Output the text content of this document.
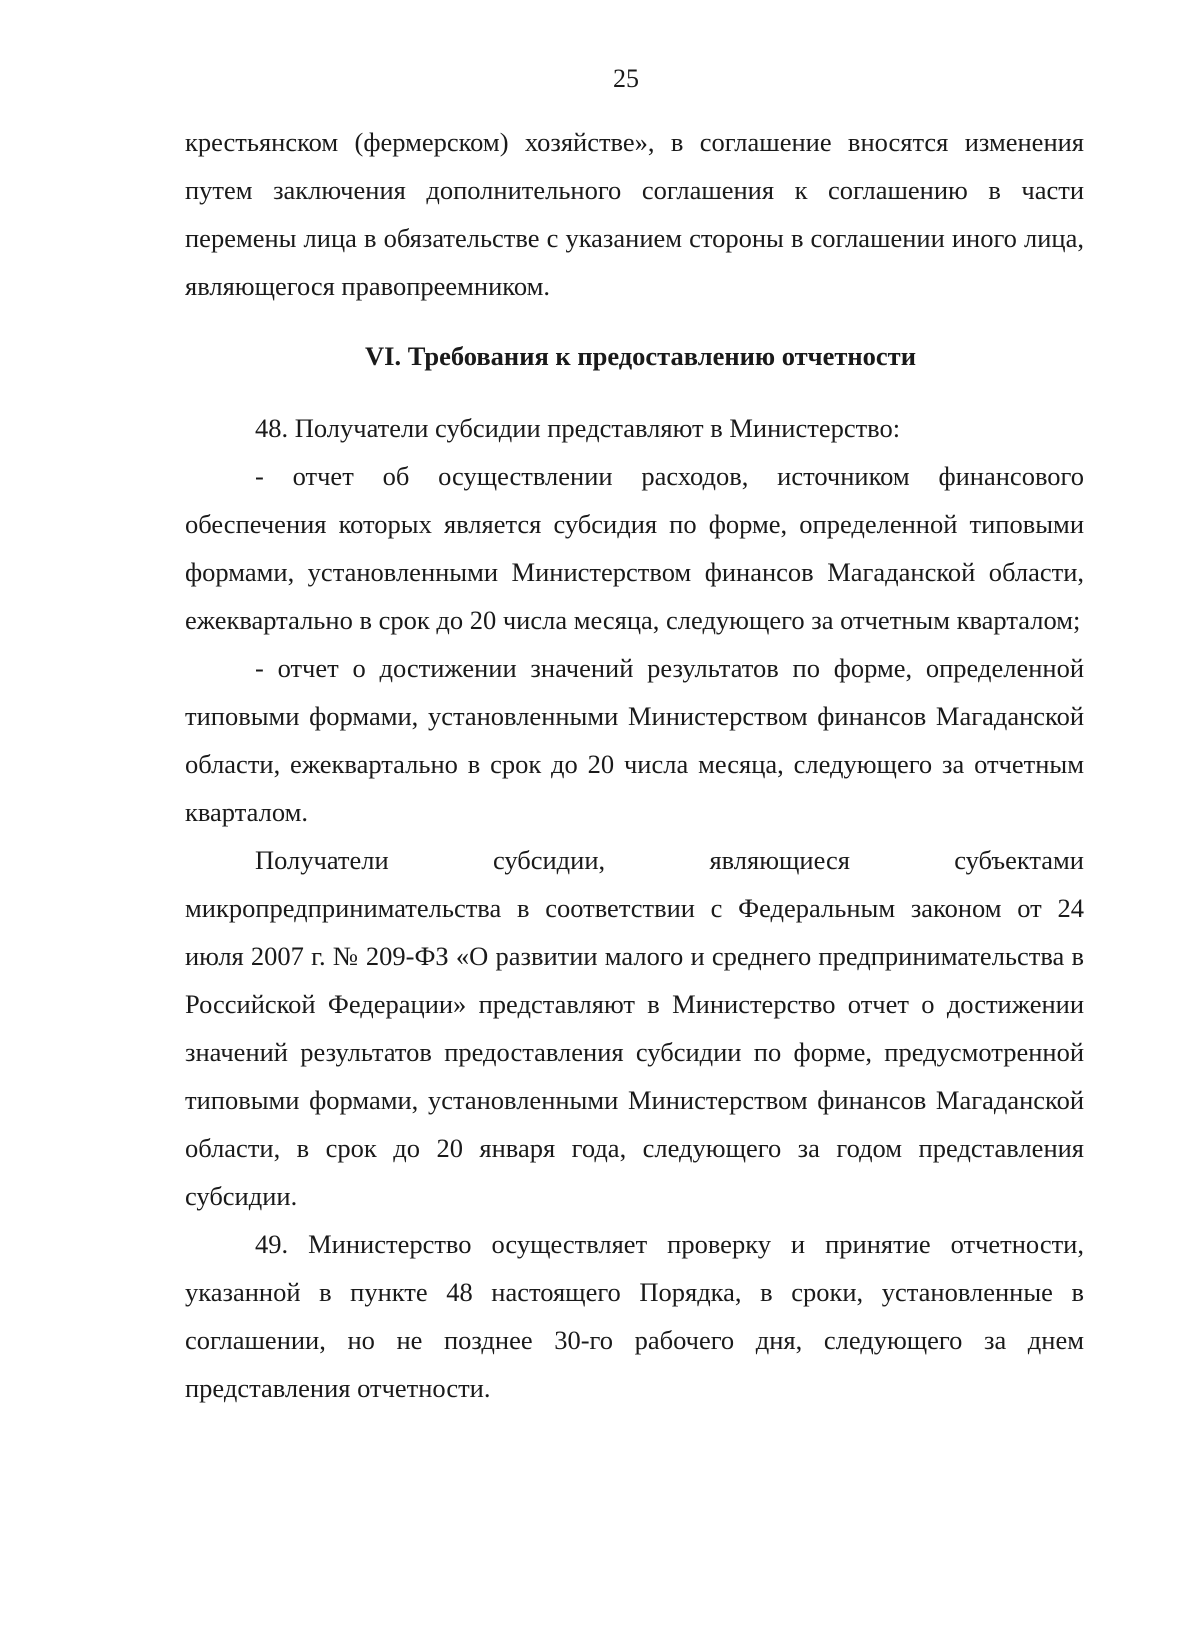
25

крестьянском (фермерском) хозяйстве», в соглашение вносятся изменения путем заключения дополнительного соглашения к соглашению в части перемены лица в обязательстве с указанием стороны в соглашении иного лица, являющегося правопреемником.

VI. Требования к предоставлению отчетности

48. Получатели субсидии представляют в Министерство:

- отчет об осуществлении расходов, источником финансового обеспечения которых является субсидия по форме, определенной типовыми формами, установленными Министерством финансов Магаданской области, ежеквартально в срок до 20 числа месяца, следующего за отчетным кварталом;

- отчет о достижении значений результатов по форме, определенной типовыми формами, установленными Министерством финансов Магаданской области, ежеквартально в срок до 20 числа месяца, следующего за отчетным кварталом.

Получатели субсидии, являющиеся субъектами микропредпринимательства в соответствии с Федеральным законом от 24 июля 2007 г. № 209-ФЗ «О развитии малого и среднего предпринимательства в Российской Федерации» представляют в Министерство отчет о достижении значений результатов предоставления субсидии по форме, предусмотренной типовыми формами, установленными Министерством финансов Магаданской области, в срок до 20 января года, следующего за годом представления субсидии.

49. Министерство осуществляет проверку и принятие отчетности, указанной в пункте 48 настоящего Порядка, в сроки, установленные в соглашении, но не позднее 30-го рабочего дня, следующего за днем представления отчетности.
